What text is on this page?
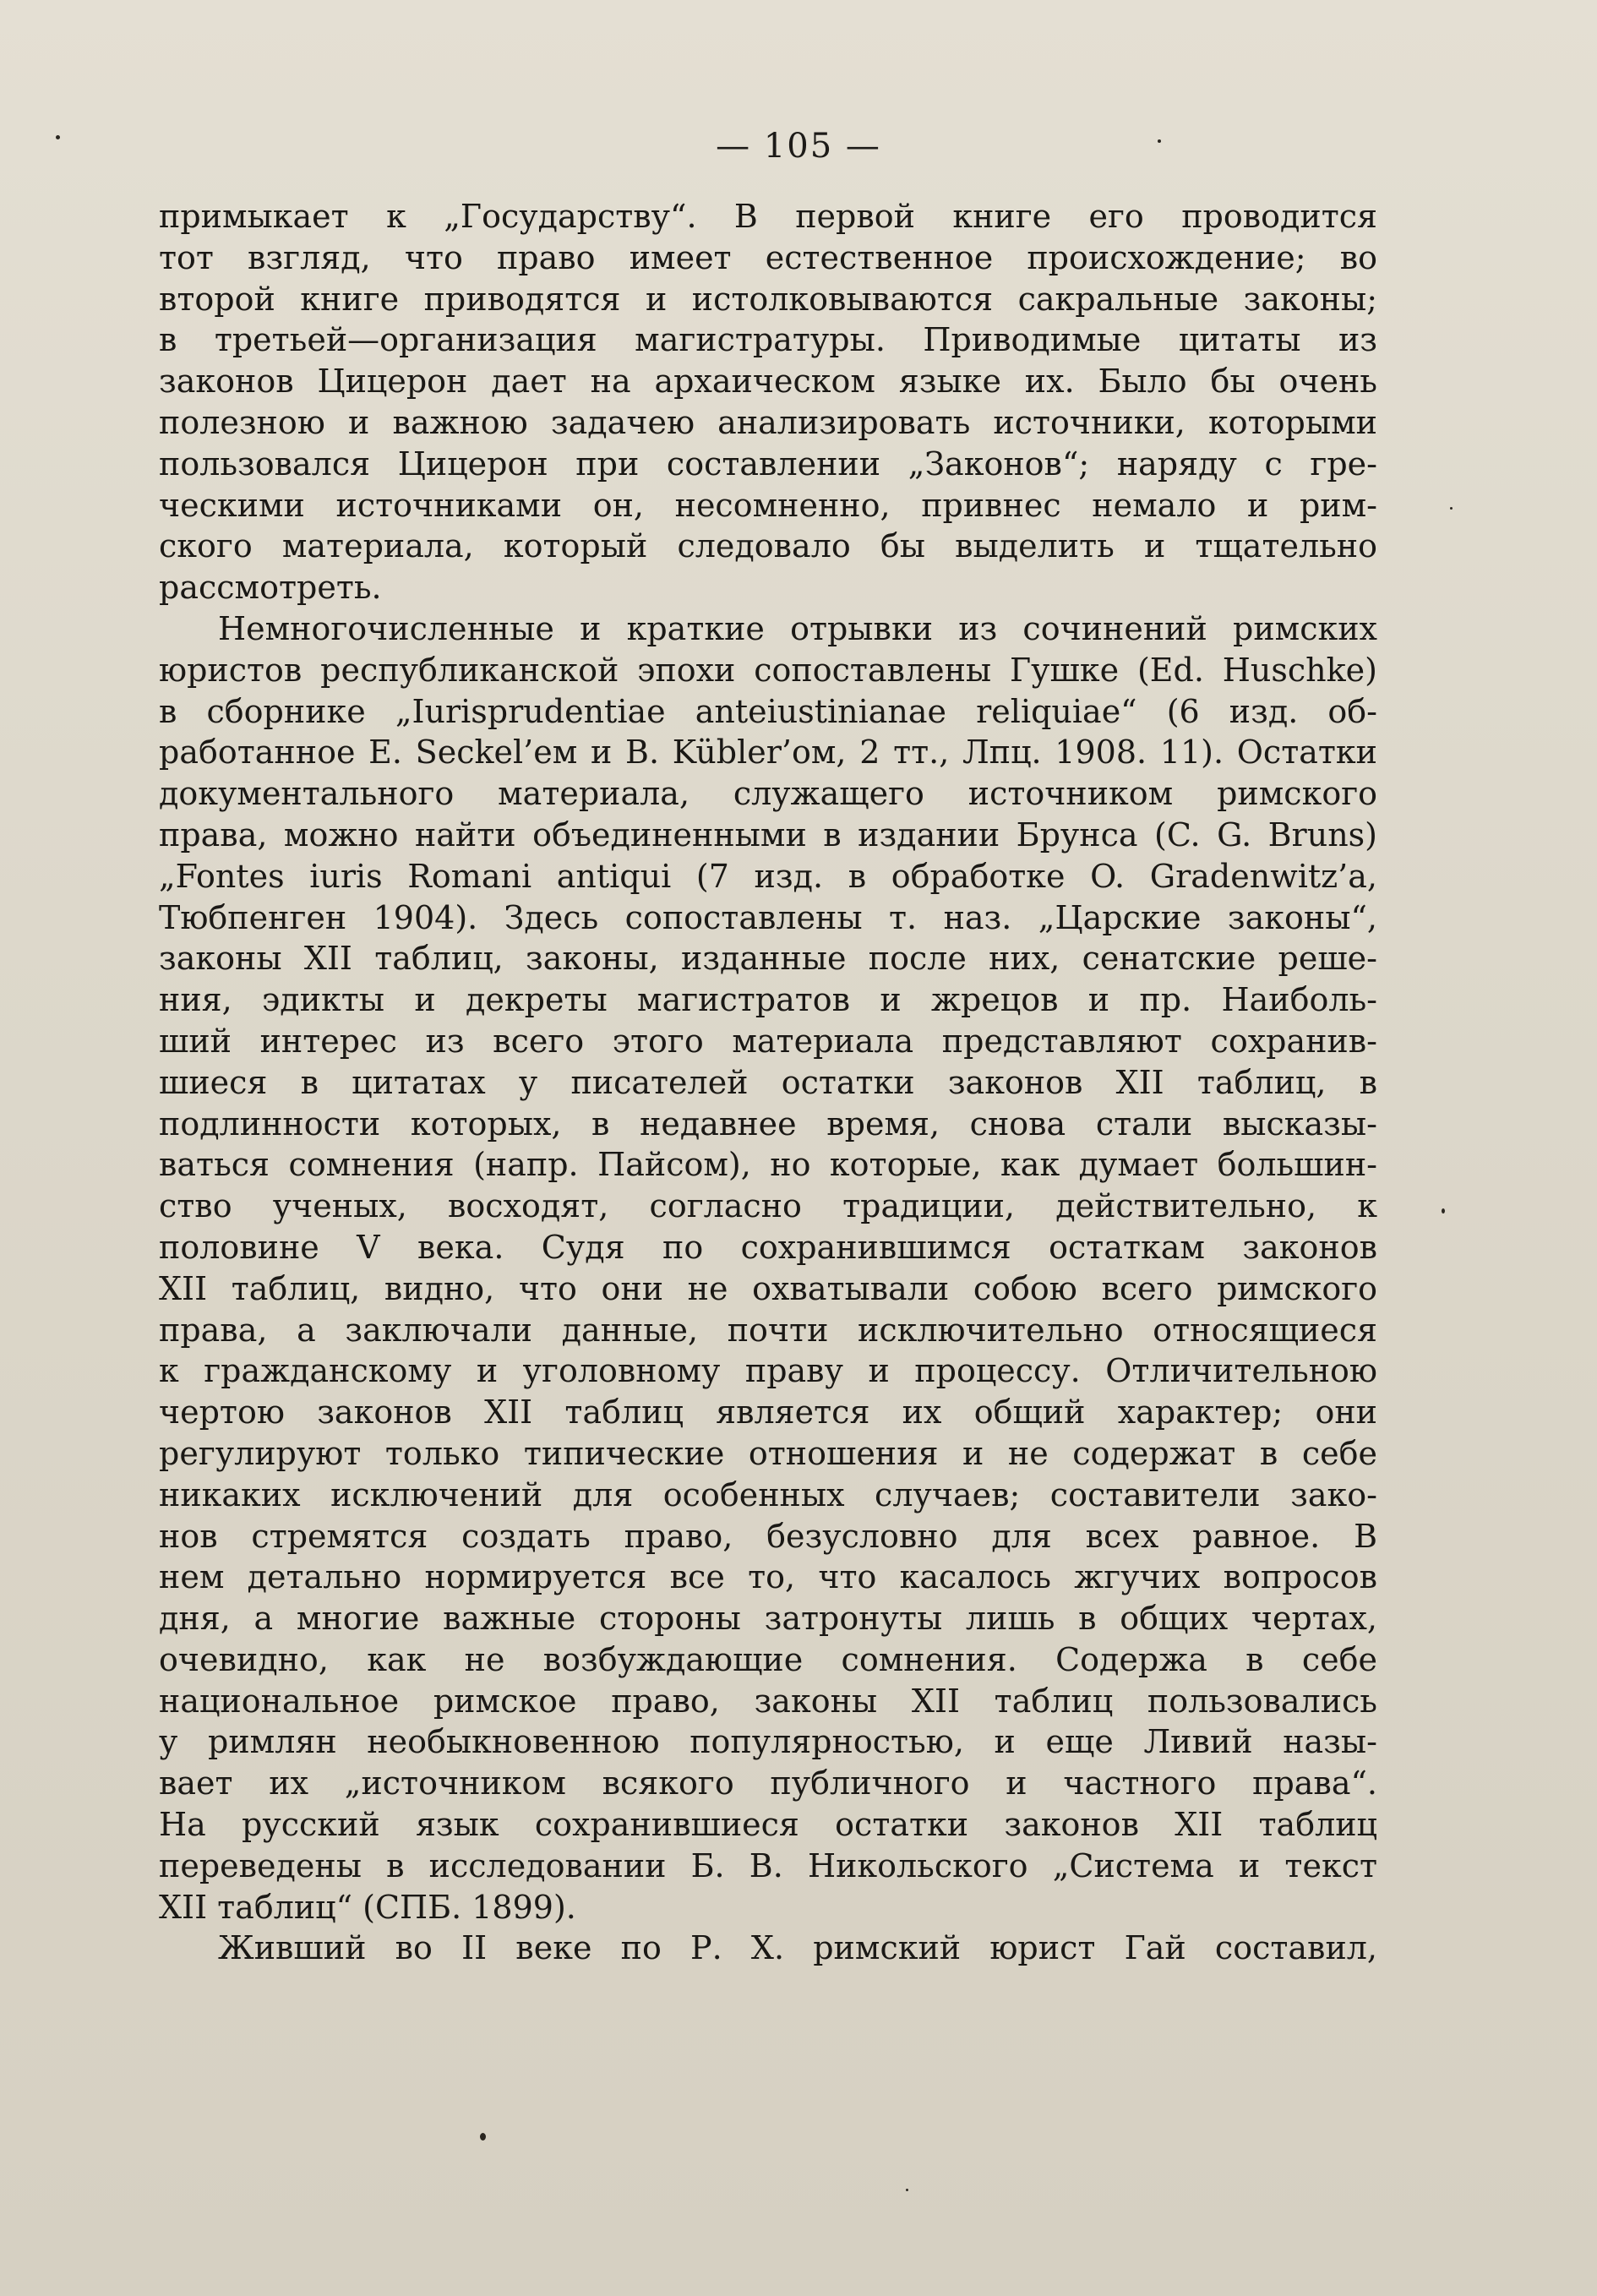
— 105 —
примыкает к „Государству“. В первой книге его проводится
тот взгляд, что право имеет естественное происхождение; во
второй книге приводятся и истолковываются сакральные законы;
в третьей—организация магистратуры. Приводимые цитаты из
законов Цицерон дает на архаическом языке их. Было бы очень
полезною и важною задачею анализировать источники, которыми
пользовался Цицерон при составлении „Законов“; наряду с гре-
ческими источниками он, несомненно, привнес немало и рим-
ского материала, который следовало бы выделить и тщательно
рассмотреть.
Немногочисленные и краткие отрывки из сочинений римских
юристов республиканской эпохи сопоставлены Гушке (Ed. Huschke)
в сборнике „Iurisprudentiae anteiustinianae reliquiae“ (6 изд. об-
работанное E. Seckel’ем и B. Kübler’ом, 2 тт., Лпц. 1908. 11). Остатки
документального материала, служащего источником римского
права, можно найти объединенными в издании Брунса (C. G. Bruns)
„Fontes iuris Romani antiqui (7 изд. в обработке O. Gradenwitz’a,
Тюбпенген 1904). Здесь сопоставлены т. наз. „Царские законы“,
законы XII таблиц, законы, изданные после них, сенатские реше-
ния, эдикты и декреты магистратов и жрецов и пр. Наиболь-
ший интерес из всего этого материала представляют сохранив-
шиеся в цитатах у писателей остатки законов XII таблиц, в
подлинности которых, в недавнее время, снова стали высказы-
ваться сомнения (напр. Пайсом), но которые, как думает большин-
ство ученых, восходят, согласно традиции, действительно, к
половине V века. Судя по сохранившимся остаткам законов
XII таблиц, видно, что они не охватывали собою всего римского
права, а заключали данные, почти исключительно относящиеся
к гражданскому и уголовному праву и процессу. Отличительною
чертою законов XII таблиц является их общий характер; они
регулируют только типические отношения и не содержат в себе
никаких исключений для особенных случаев; составители зако-
нов стремятся создать право, безусловно для всех равное. В
нем детально нормируется все то, что касалось жгучих вопросов
дня, а многие важные стороны затронуты лишь в общих чертах,
очевидно, как не возбуждающие сомнения. Содержа в себе
национальное римское право, законы XII таблиц пользовались
у римлян необыкновенною популярностью, и еще Ливий назы-
вает их „источником всякого публичного и частного права“.
На русский язык сохранившиеся остатки законов XII таблиц
переведены в исследовании Б. В. Никольского „Система и текст
XII таблиц“ (СПБ. 1899).
Живший во II веке по Р. Х. римский юрист Гай составил,
